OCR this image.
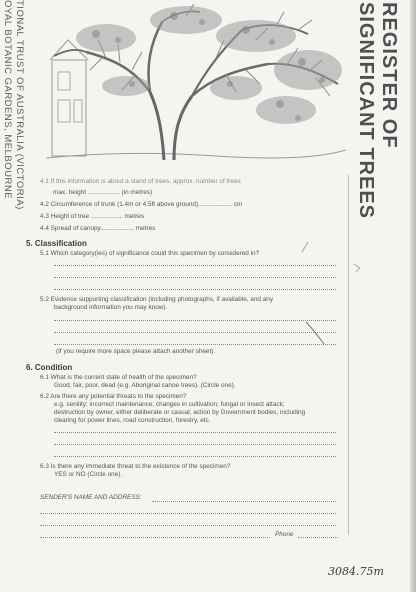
TIONAL TRUST OF AUSTRALIA (VICTORIA)
OYAL BOTANIC GARDENS, MELBOURNE	REGISTER OF
SIGNIFICANT TREES
4.1 If this information is about a stand of trees, approx. number of trees
max. height .................. (in metres)
4.2 Circumference of trunk (1.4m or 4.5ft above ground)................... cm
4.3 Height of tree .................. metres
4.4 Spread of canopy................... metres
5. Classification
5.1 Which category(ies) of significance could this specimen by considered in?
5.2 Evidence supporting classification (including photographs, if available, and any
background information you may know).
(If you require more space please attach another sheet).
6. Condition
6.1 What is the current state of health of the specimen?
Good, fair, poor, dead (e.g. Aboriginal canoe trees). (Circle one).
6.2 Are there any potential threats to the specimen?
e.g. senility; incorrect maintenance; changes in cultivation; fungal or insect attack;
destruction by owner, either deliberate or casual; action by Government bodies, including
clearing for power lines, road construction, forestry, etc.
6.3 Is there any immediate threat to the existence of the specimen?
YES or NO (Circle one).
SENDER'S NAME AND ADDRESS:
Phone
3084.75m
